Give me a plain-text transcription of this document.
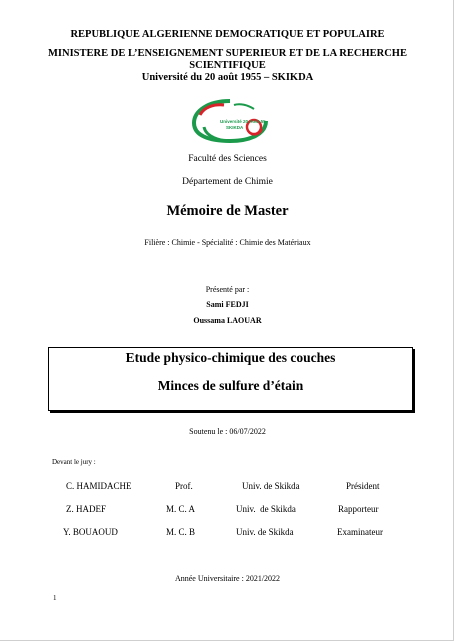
REPUBLIQUE ALGERIENNE DEMOCRATIQUE ET POPULAIRE
MINISTERE DE L’ENSEIGNEMENT SUPERIEUR ET DE LA RECHERCHE
SCIENTIFIQUE
Université du 20 août 1955 – SKIKDA
Université 20 Août 55
SKIKDA
Faculté des Sciences
Département de Chimie
Mémoire de Master
Filière : Chimie - Spécialité : Chimie des Matériaux
Présenté par :
Sami FEDJI
Oussama LAOUAR
Etude physico-chimique des couches
Minces de sulfure d’étain
Soutenu le : 06/07/2022
Devant le jury :
C. HAMIDACHE	Prof.	Univ. de Skikda	Président
Z. HADEF	M. C. A	Univ.  de Skikda	Rapporteur
Y. BOUAOUD	M. C. B	Univ. de Skikda	Examinateur
Année Universitaire : 2021/2022
1
